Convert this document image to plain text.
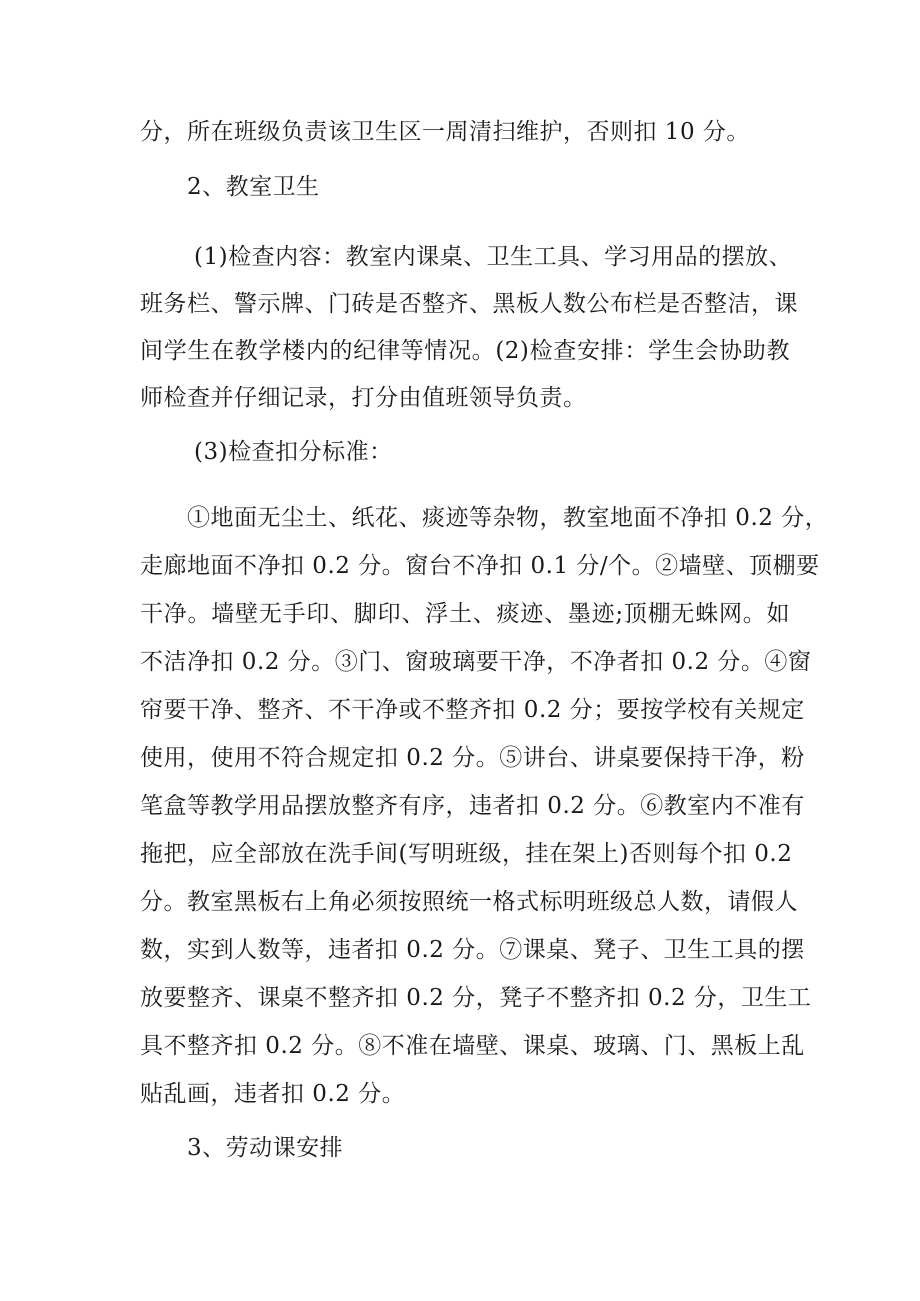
分，所在班级负责该卫生区一周清扫维护，否则扣 10 分。
2、教室卫生
(1)检查内容：教室内课桌、卫生工具、学习用品的摆放、
班务栏、警示牌、门砖是否整齐、黑板人数公布栏是否整洁，课
间学生在教学楼内的纪律等情况。(2)检查安排：学生会协助教
师检查并仔细记录，打分由值班领导负责。
(3)检查扣分标准：
①地面无尘土、纸花、痰迹等杂物，教室地面不净扣 0.2 分，
走廊地面不净扣 0.2 分。窗台不净扣 0.1 分/个。②墙壁、顶棚要
干净。墙壁无手印、脚印、浮土、痰迹、墨迹;顶棚无蛛网。如
不洁净扣 0.2 分。③门、窗玻璃要干净，不净者扣 0.2 分。④窗
帘要干净、整齐、不干净或不整齐扣 0.2 分；要按学校有关规定
使用，使用不符合规定扣 0.2 分。⑤讲台、讲桌要保持干净，粉
笔盒等教学用品摆放整齐有序，违者扣 0.2 分。⑥教室内不准有
拖把，应全部放在洗手间(写明班级，挂在架上)否则每个扣 0.2
分。教室黑板右上角必须按照统一格式标明班级总人数，请假人
数，实到人数等，违者扣 0.2 分。⑦课桌、凳子、卫生工具的摆
放要整齐、课桌不整齐扣 0.2 分，凳子不整齐扣 0.2 分，卫生工
具不整齐扣 0.2 分。⑧不准在墙壁、课桌、玻璃、门、黑板上乱
贴乱画，违者扣 0.2 分。
3、劳动课安排
